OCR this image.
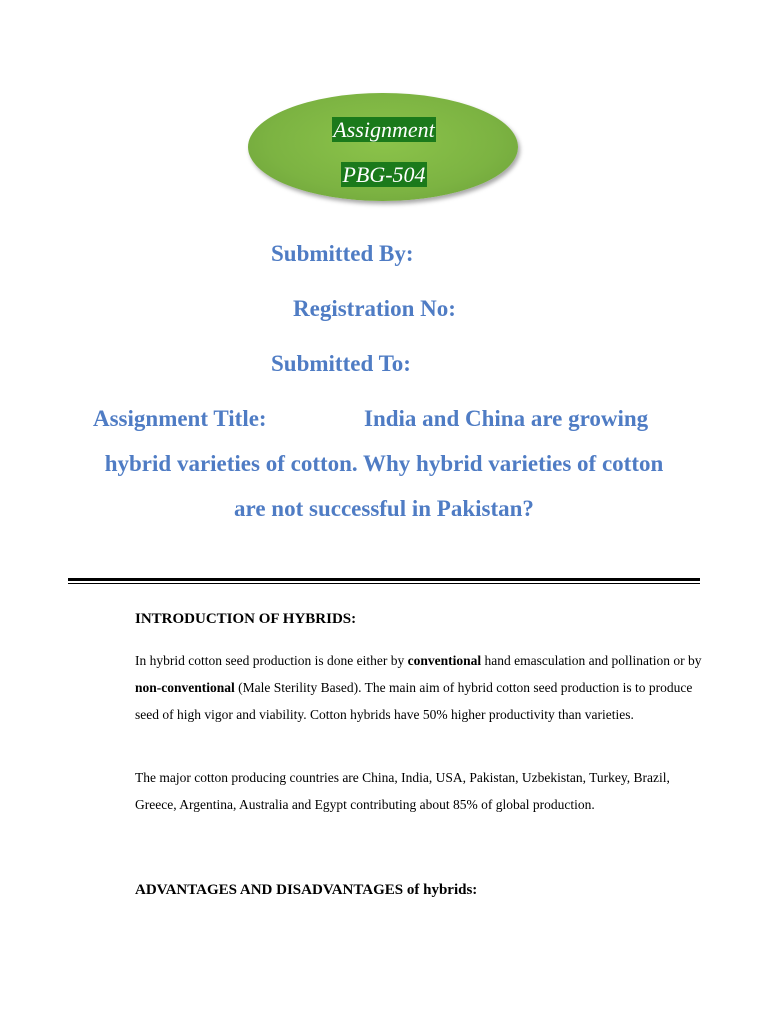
Assignment
PBG-504
Submitted By:
Registration No:
Submitted To:
Assignment Title:	India and China are growing
hybrid varieties of cotton. Why hybrid varieties of cotton
are not successful in Pakistan?
INTRODUCTION OF HYBRIDS:

In hybrid cotton seed production is done either by conventional hand emasculation and pollination or by non-conventional (Male Sterility Based). The main aim of hybrid cotton seed production is to produce seed of high vigor and viability. Cotton hybrids have 50% higher productivity than varieties.

The major cotton producing countries are China, India, USA, Pakistan, Uzbekistan, Turkey, Brazil, Greece, Argentina, Australia and Egypt contributing about 85% of global production.

ADVANTAGES AND DISADVANTAGES of hybrids:
